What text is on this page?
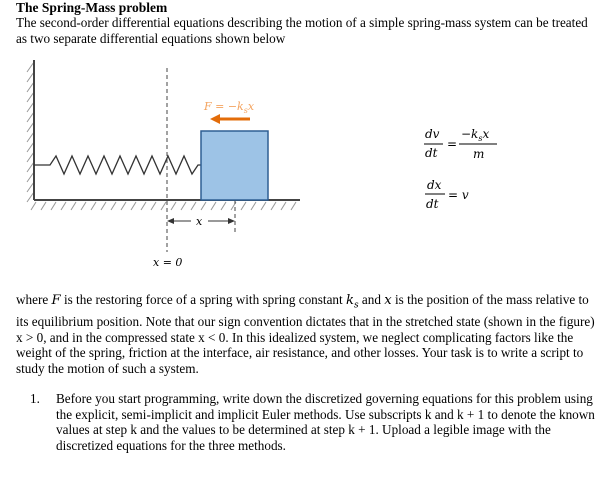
The Spring-Mass problem
The second-order differential equations describing the motion of a simple spring-mass system can be treated as two separate differential equations shown below
$F = -k_sx$
x
x = 0
dv
dt
=
$-k_sx$
m
dx
dt
= v
where F is the restoring force of a spring with spring constant $k_s$ and x is the position of the mass relative to its equilibrium position. Note that our sign convention dictates that in the stretched state (shown in the figure) x > 0, and in the compressed state x < 0. In this idealized system, we neglect complicating factors like the weight of the spring, friction at the interface, air resistance, and other losses. Your task is to write a script to study the motion of such a system.
1.	Before you start programming, write down the discretized governing equations for this problem using the explicit, semi-implicit and implicit Euler methods. Use subscripts k and k + 1 to denote the known values at step k and the values to be determined at step k + 1. Upload a legible image with the discretized equations for the three methods.
